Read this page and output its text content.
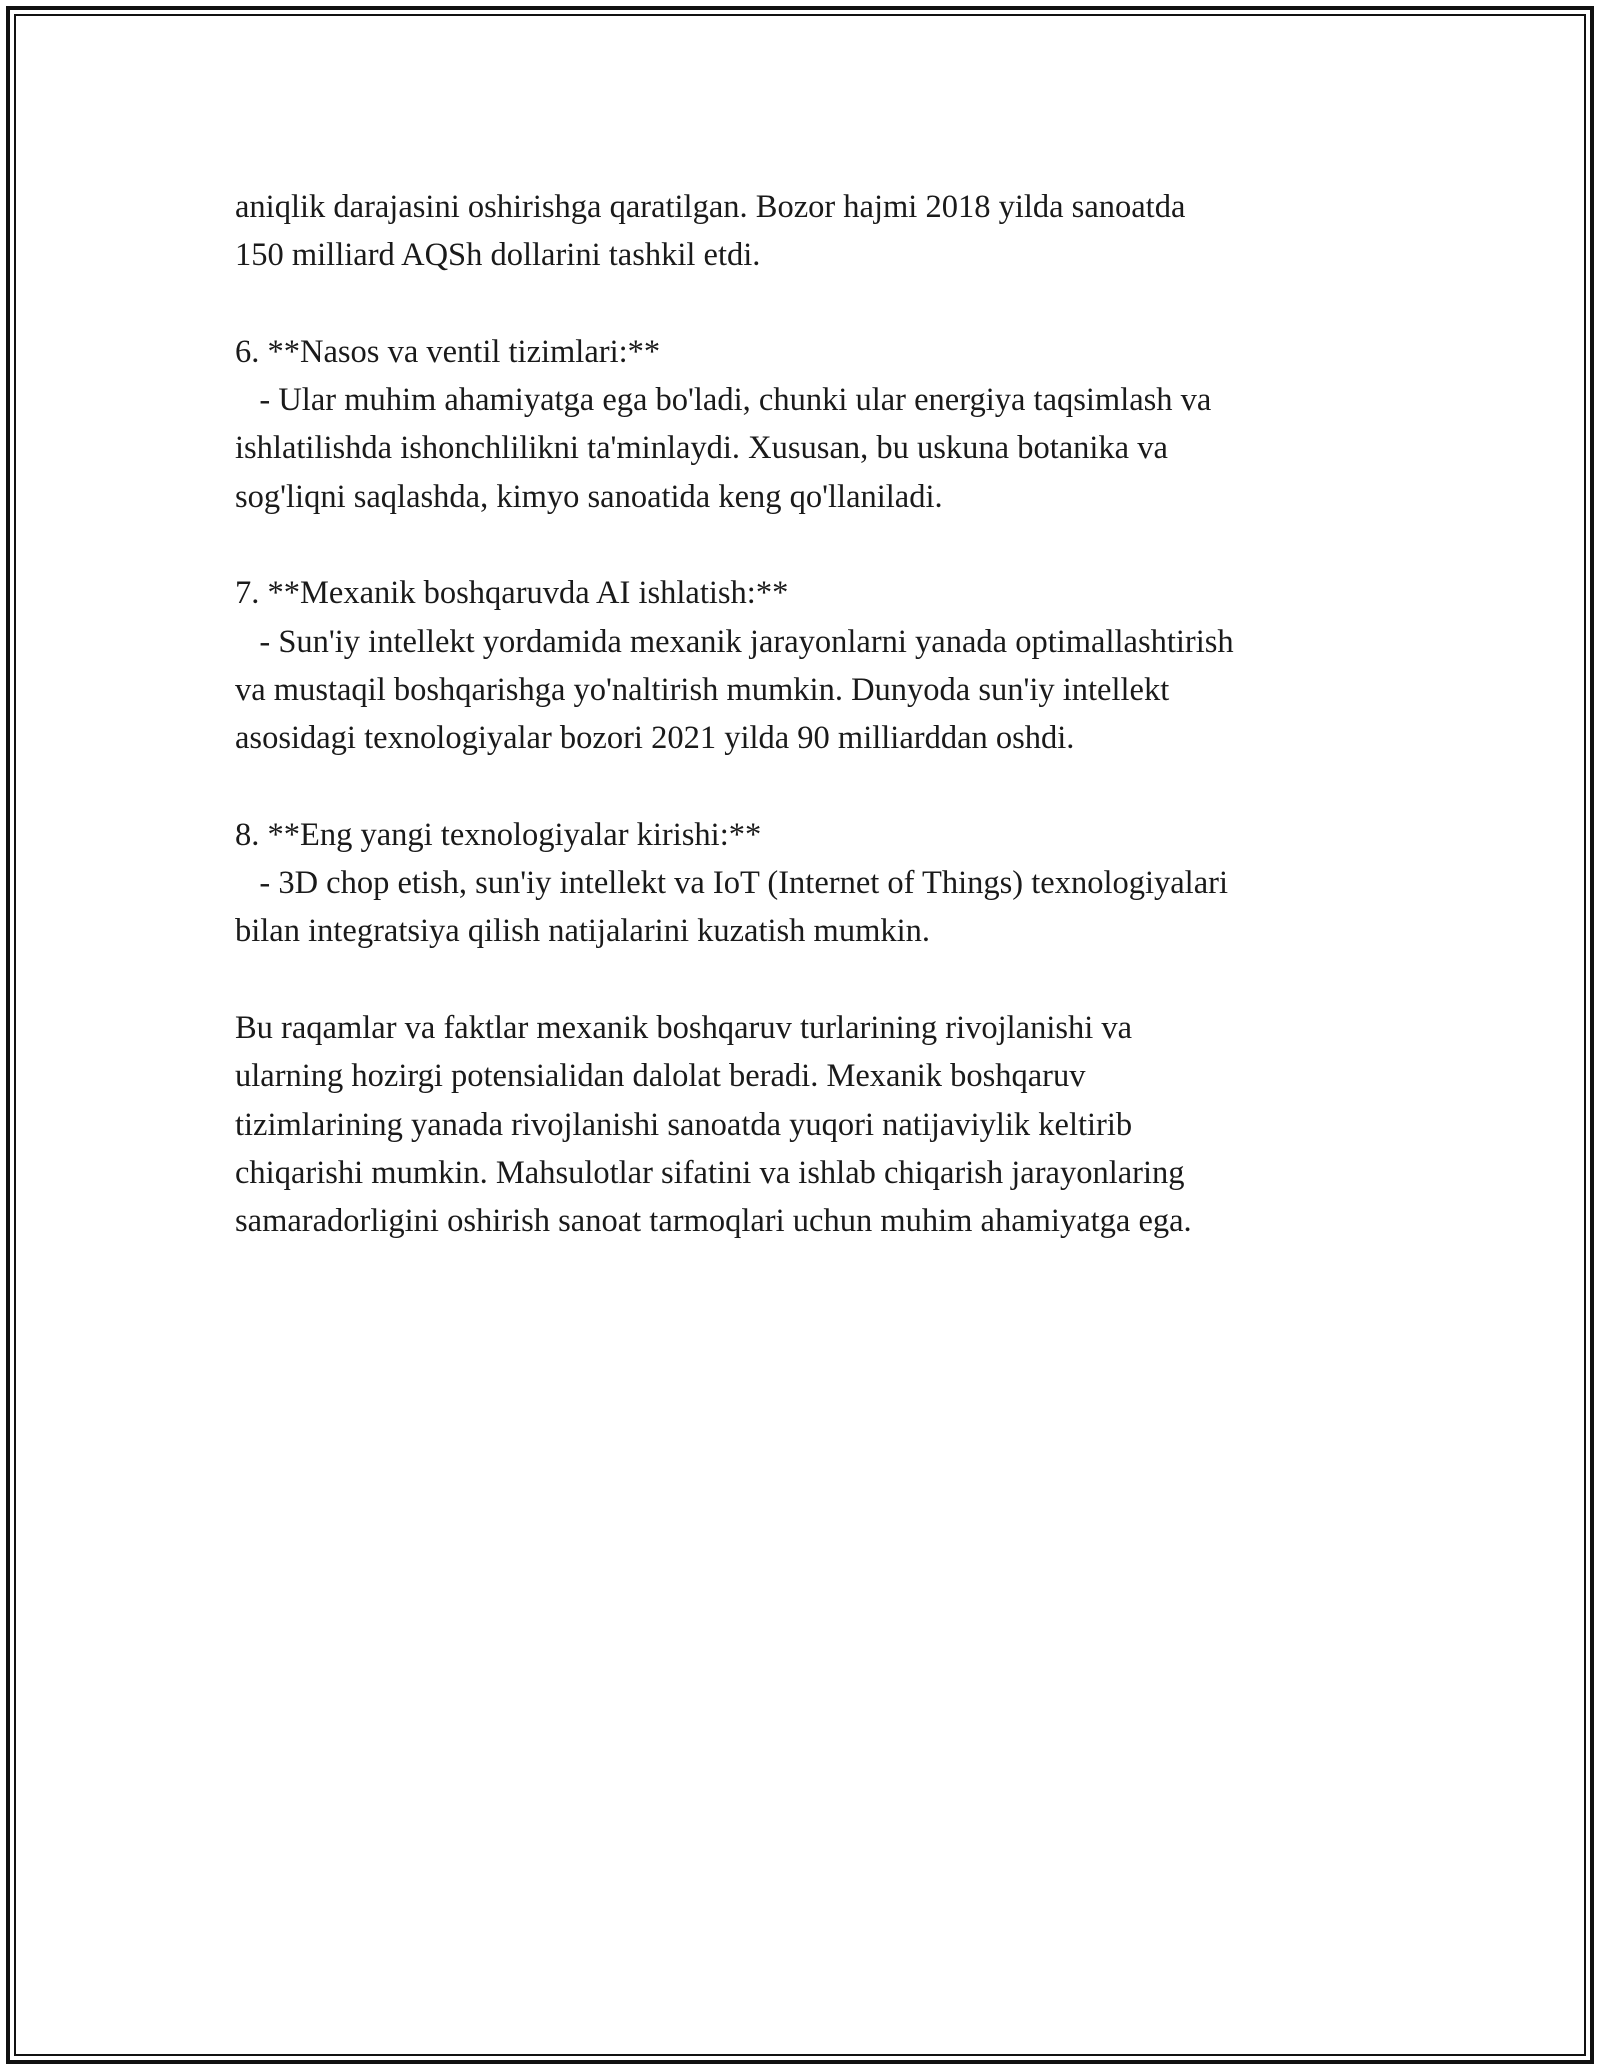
aniqlik darajasini oshirishga qaratilgan. Bozor hajmi 2018 yilda sanoatda
150 milliard AQSh dollarini tashkil etdi.
6. **Nasos va ventil tizimlari:**
- Ular muhim ahamiyatga ega bo'ladi, chunki ular energiya taqsimlash va
ishlatilishda ishonchlilikni ta'minlaydi. Xususan, bu uskuna botanika va
sog'liqni saqlashda, kimyo sanoatida keng qo'llaniladi.
7. **Mexanik boshqaruvda AI ishlatish:**
- Sun'iy intellekt yordamida mexanik jarayonlarni yanada optimallashtirish
va mustaqil boshqarishga yo'naltirish mumkin. Dunyoda sun'iy intellekt
asosidagi texnologiyalar bozori 2021 yilda 90 milliarddan oshdi.
8. **Eng yangi texnologiyalar kirishi:**
- 3D chop etish, sun'iy intellekt va IoT (Internet of Things) texnologiyalari
bilan integratsiya qilish natijalarini kuzatish mumkin.
Bu raqamlar va faktlar mexanik boshqaruv turlarining rivojlanishi va
ularning hozirgi potensialidan dalolat beradi. Mexanik boshqaruv
tizimlarining yanada rivojlanishi sanoatda yuqori natijaviylik keltirib
chiqarishi mumkin. Mahsulotlar sifatini va ishlab chiqarish jarayonlaring
samaradorligini oshirish sanoat tarmoqlari uchun muhim ahamiyatga ega.
